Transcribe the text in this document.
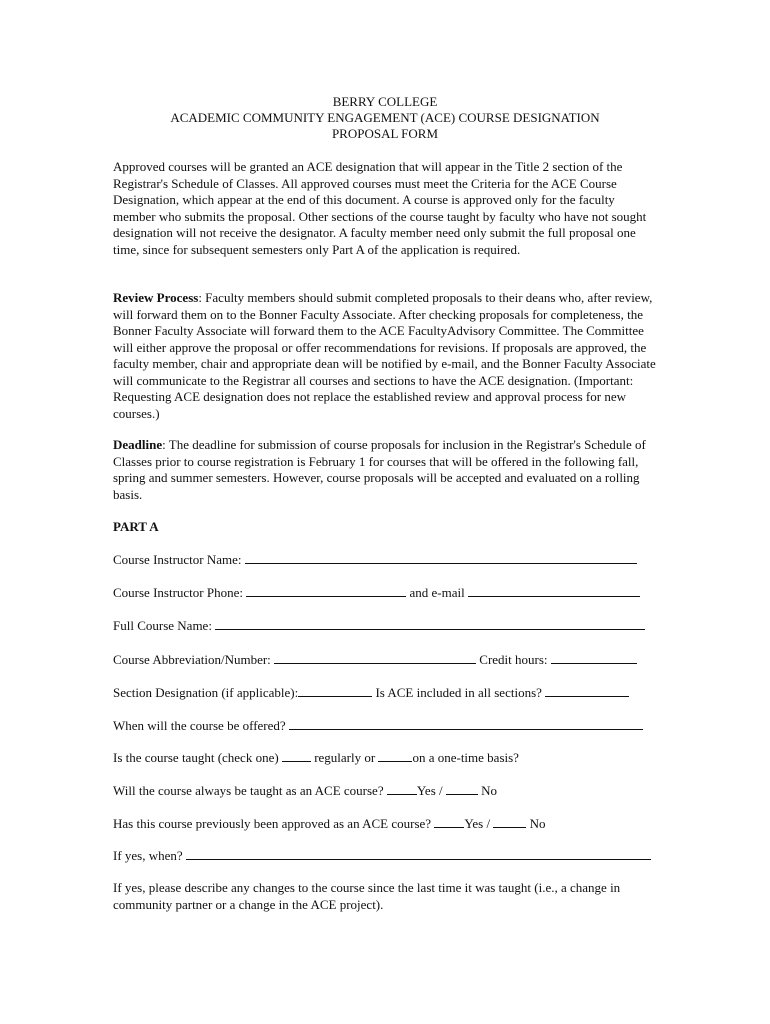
BERRY COLLEGE
ACADEMIC COMMUNITY ENGAGEMENT (ACE) COURSE DESIGNATION
PROPOSAL FORM
Approved courses will be granted an ACE designation that will appear in the Title 2 section of the Registrar's Schedule of Classes. All approved courses must meet the Criteria for the ACE Course Designation, which appear at the end of this document. A course is approved only for the faculty member who submits the proposal. Other sections of the course taught by faculty who have not sought designation will not receive the designator. A faculty member need only submit the full proposal one time, since for subsequent semesters only Part A of the application is required.
Review Process: Faculty members should submit completed proposals to their deans who, after review, will forward them on to the Bonner Faculty Associate. After checking proposals for completeness, the Bonner Faculty Associate will forward them to the ACE FacultyAdvisory Committee. The Committee will either approve the proposal or offer recommendations for revisions. If proposals are approved, the faculty member, chair and appropriate dean will be notified by e-mail, and the Bonner Faculty Associate will communicate to the Registrar all courses and sections to have the ACE designation. (Important: Requesting ACE designation does not replace the established review and approval process for new courses.)
Deadline: The deadline for submission of course proposals for inclusion in the Registrar's Schedule of Classes prior to course registration is February 1 for courses that will be offered in the following fall, spring and summer semesters. However, course proposals will be accepted and evaluated on a rolling basis.
PART A
Course Instructor Name:
Course Instructor Phone:	and e-mail
Full Course Name:
Course Abbreviation/Number:	Credit hours:
Section Designation (if applicable):	Is ACE included in all sections?
When will the course be offered?
Is the course taught (check one)  regularly or	on a one-time basis?
Will the course always be taught as an ACE course? Yes /  No
Has this course previously been approved as an ACE course? Yes /	No
If yes, when?
If yes, please describe any changes to the course since the last time it was taught (i.e., a change in community partner or a change in the ACE project).
